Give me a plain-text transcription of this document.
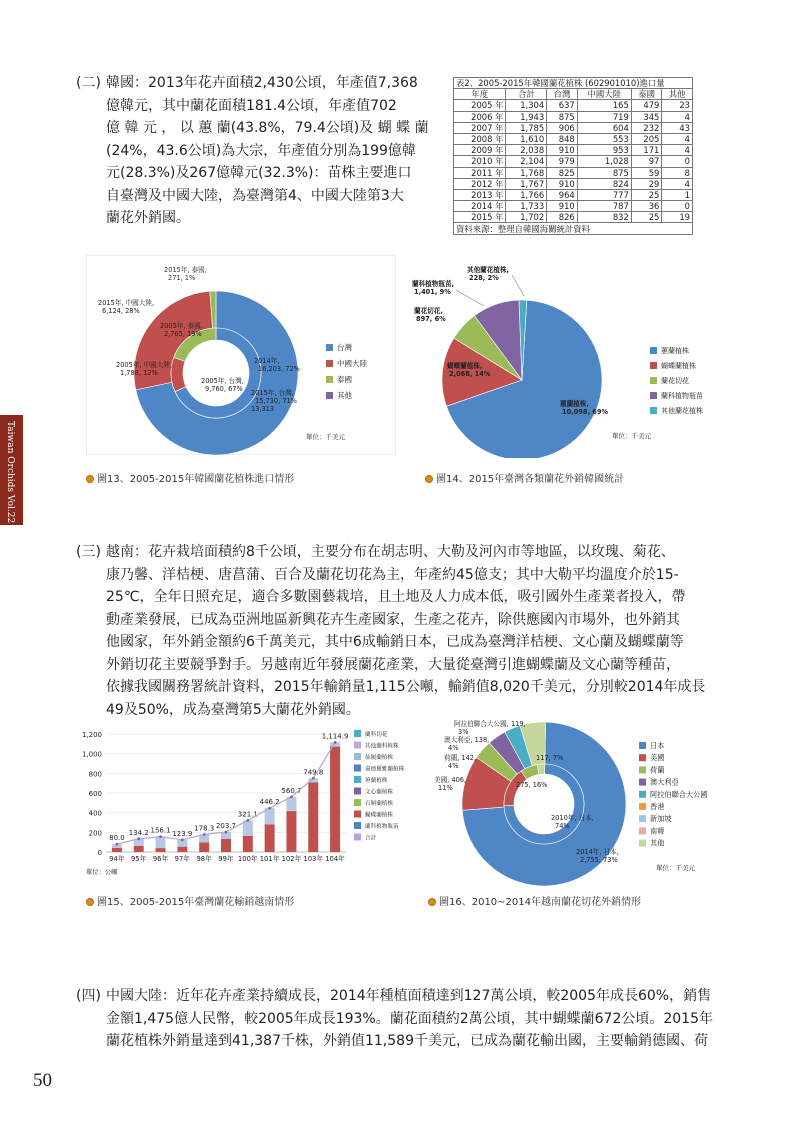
(二) 韓國：2013年花卉面積2,430公頃，年產值7,368
億韓元，其中蘭花面積181.4公頃，年產值702
億 韓 元 ， 以 蕙 蘭(43.8%，79.4公頃)及 蝴 蝶 蘭
(24%，43.6公頃)為大宗，年產值分別為199億韓
元(28.3%)及267億韓元(32.3%)：苗株主要進口
自臺灣及中國大陸，為臺灣第4、中國大陸第3大
蘭花外銷國。
表2、2005-2015年韓國蘭花植株 (602901010)進口量					
年度	合計	台灣	中國大陸	泰國	其他
2005 年	1,304	637	165	479	23
2006 年	1,943	875	719	345	4
2007 年	1,785	906	604	232	43
2008 年	1,610	848	553	205	4
2009 年	2,038	910	953	171	4
2010 年	2,104	979	1,028	97	0
2011 年	1,768	825	875	59	8
2012 年	1,767	910	824	29	4
2013 年	1,766	964	777	25	1
2014 年	1,733	910	787	36	0
2015 年	1,702	826	832	25	19
資料來源：整理自韓國海關統計資料					
Taiwan Orchids Vol.22
台灣
中國大陸
泰國
其他
單位：千美元
2015年, 泰國,
271, 1%
2015年, 中國大陸,
6,124, 28%
2014年,
16,203, 72%
2005年, 泰國,
2,765, 19%
2005年, 中國大陸,
1,788, 12%
2005年, 台灣,
9,760, 67% 2015年, 台灣,
15,730, 71%
13,313
圖13、2005-2015年韓國蘭花植株進口情形
蕙蘭植株
蝴蝶蘭植株
蘭花切花
蘭科植物瓶苗
其他蘭花植株
單位：千美元
蕙蘭植株,
10,098, 69%
蝴蝶蘭植株,
2,068, 14%
蘭花切花,
897, 6%
蘭科植物瓶苗,
1,401, 9%
其他蘭花植株,
228, 2%
圖14、2015年臺灣各類蘭花外銷韓國統計
(三) 越南：花卉栽培面積約8千公頃，主要分布在胡志明、大勒及河內市等地區，以玫瑰、菊花、
康乃馨、洋桔梗、唐菖蒲、百合及蘭花切花為主，年產約45億支；其中大勒平均溫度介於15-
25℃，全年日照充足，適合多數園藝栽培，且土地及人力成本低，吸引國外生產業者投入，帶
動產業發展，已成為亞洲地區新興花卉生產國家，生產之花卉，除供應國內市場外，也外銷其
他國家，年外銷金額約6千萬美元，其中6成輸銷日本，已成為臺灣洋桔梗、文心蘭及蝴蝶蘭等
外銷切花主要競爭對手。另越南近年發展蘭花產業，大量從臺灣引進蝴蝶蘭及文心蘭等種苗，
依據我國關務署統計資料，2015年輸銷量1,115公噸，輸銷值8,020千美元，分別較2014年成長
49及50%，成為臺灣第5大蘭花外銷國。
0
200
400
600
800
1,000
1,200
94年
80.0
95年
134.2
96年
156.1
97年
123.9
98年
178.3
99年
203.7
100年
321.1
101年
446.2
102年
560.7
103年
749.8
104年
1,114.9	蘭科切花
其他蘭科植株
仙履蘭植株
嘉德麗雅蘭植株
蕙蘭植株
文心蘭植株
石斛蘭植株
蝴蝶蘭植株
蘭科植物瓶苗
合計
單位：公噸
圖15、2005-2015年臺灣蘭花輸銷越南情形
日本
美國
荷蘭
澳大利亞
阿拉伯聯合大公國
香港
新加坡
南韓
其他
單位：千美元
阿拉伯聯合大公國, 119,
3%
澳大利亞, 138,
4%
荷蘭, 142,
4%
美國, 406,
11%
2014年, 日本,
2,755, 73%
2010年, 日本,
74%
275, 16%
117, 7%
圖16、2010~2014年越南蘭花切花外銷情形
(四) 中國大陸：近年花卉產業持續成長，2014年種植面積達到127萬公頃，較2005年成長60%，銷售
金額1,475億人民幣，較2005年成長193%。蘭花面積約2萬公頃，其中蝴蝶蘭672公頃。2015年
蘭花植株外銷量達到41,387千株，外銷值11,589千美元，已成為蘭花輸出國，主要輸銷德國、荷
50
